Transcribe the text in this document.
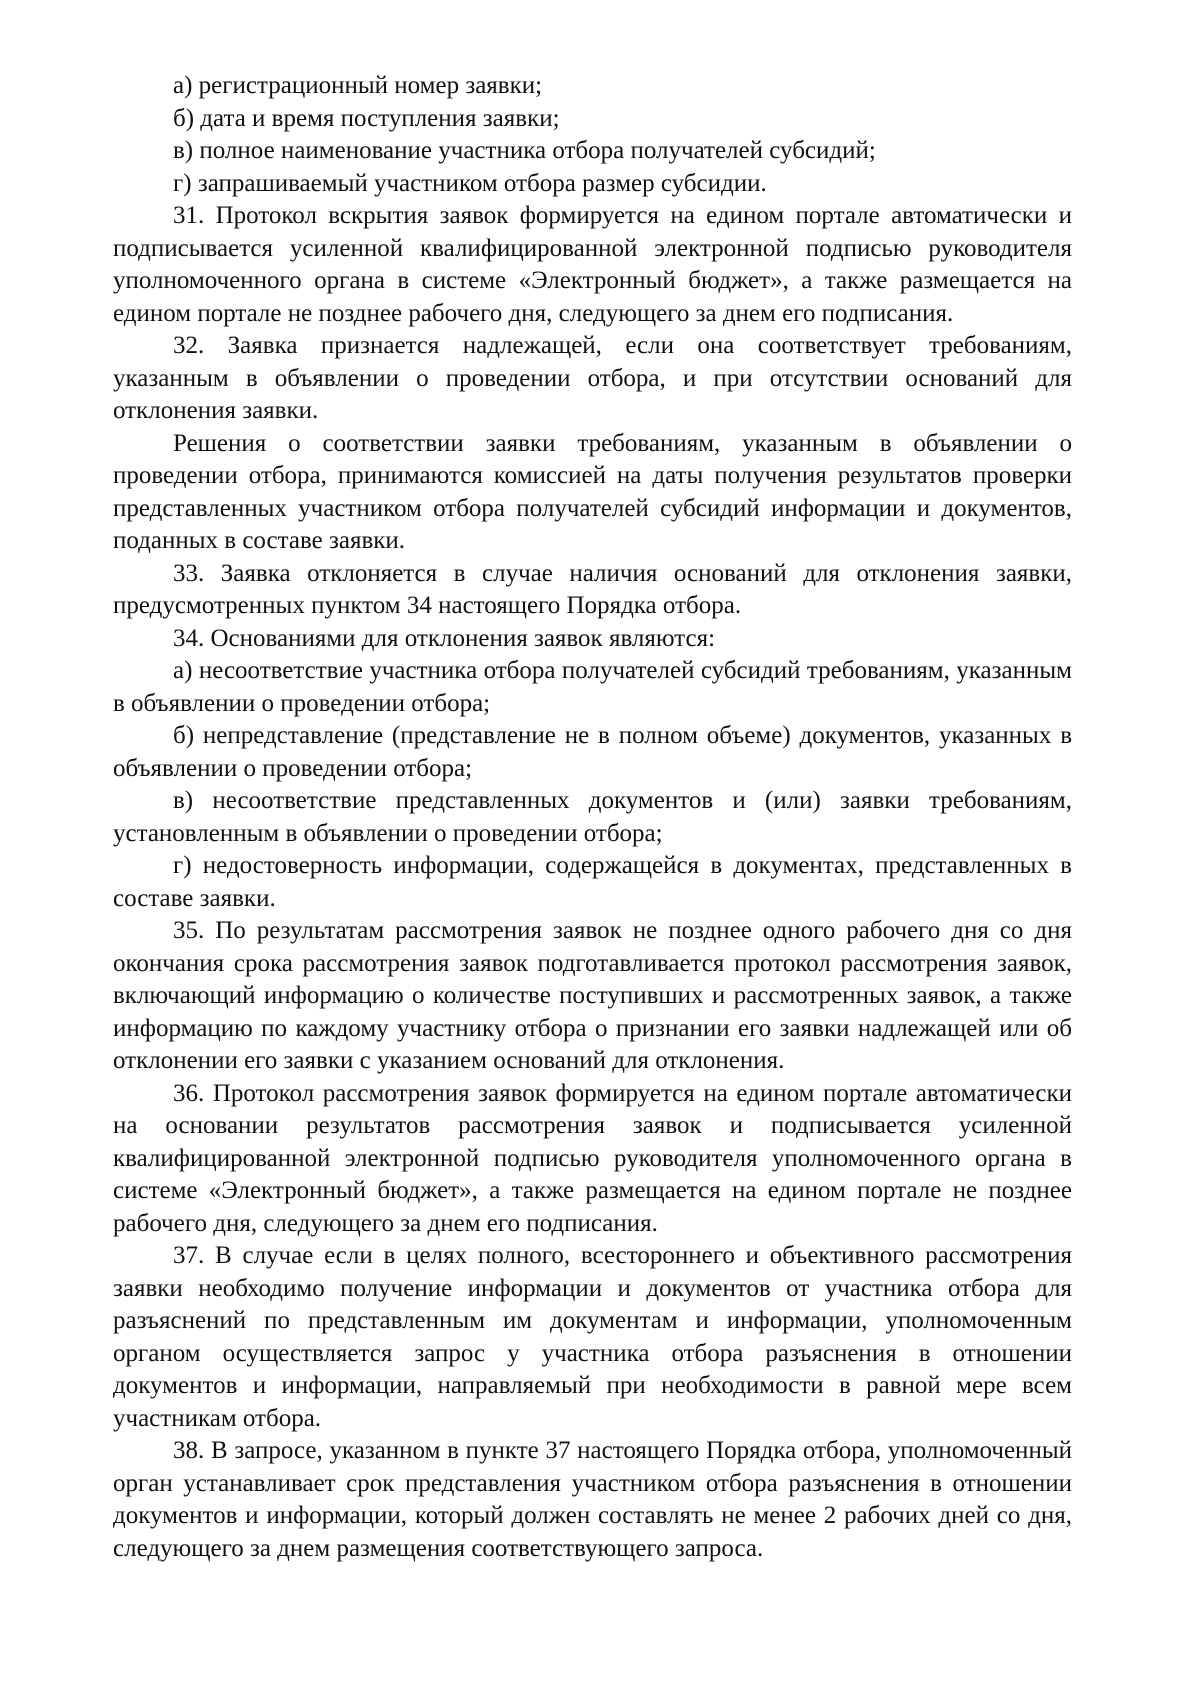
а) регистрационный номер заявки;

б) дата и время поступления заявки;

в) полное наименование участника отбора получателей субсидий;

г) запрашиваемый участником отбора размер субсидии.

31. Протокол вскрытия заявок формируется на едином портале автоматически и подписывается усиленной квалифицированной электронной подписью руководителя уполномоченного органа в системе «Электронный бюджет», а также размещается на едином портале не позднее рабочего дня, следующего за днем его подписания.

32. Заявка признается надлежащей, если она соответствует требованиям, указанным в объявлении о проведении отбора, и при отсутствии оснований для отклонения заявки.

Решения о соответствии заявки требованиям, указанным в объявлении о проведении отбора, принимаются комиссией на даты получения результатов проверки представленных участником отбора получателей субсидий информации и документов, поданных в составе заявки.

33. Заявка отклоняется в случае наличия оснований для отклонения заявки, предусмотренных пунктом 34 настоящего Порядка отбора.

34. Основаниями для отклонения заявок являются:

а) несоответствие участника отбора получателей субсидий требованиям, указанным в объявлении о проведении отбора;

б) непредставление (представление не в полном объеме) документов, указанных в объявлении о проведении отбора;

в) несоответствие представленных документов и (или) заявки требованиям, установленным в объявлении о проведении отбора;

г) недостоверность информации, содержащейся в документах, представленных в составе заявки.

35. По результатам рассмотрения заявок не позднее одного рабочего дня со дня окончания срока рассмотрения заявок подготавливается протокол рассмотрения заявок, включающий информацию о количестве поступивших и рассмотренных заявок, а также информацию по каждому участнику отбора о признании его заявки надлежащей или об отклонении его заявки с указанием оснований для отклонения.

36. Протокол рассмотрения заявок формируется на едином портале автоматически на основании результатов рассмотрения заявок и подписывается усиленной квалифицированной электронной подписью руководителя уполномоченного органа в системе «Электронный бюджет», а также размещается на едином портале не позднее рабочего дня, следующего за днем его подписания.

37. В случае если в целях полного, всестороннего и объективного рассмотрения заявки необходимо получение информации и документов от участника отбора для разъяснений по представленным им документам и информации, уполномоченным органом осуществляется запрос у участника отбора разъяснения в отношении документов и информации, направляемый при необходимости в равной мере всем участникам отбора.

38. В запросе, указанном в пункте 37 настоящего Порядка отбора, уполномоченный орган устанавливает срок представления участником отбора разъяснения в отношении документов и информации, который должен составлять не менее 2 рабочих дней со дня, следующего за днем размещения соответствующего запроса.
